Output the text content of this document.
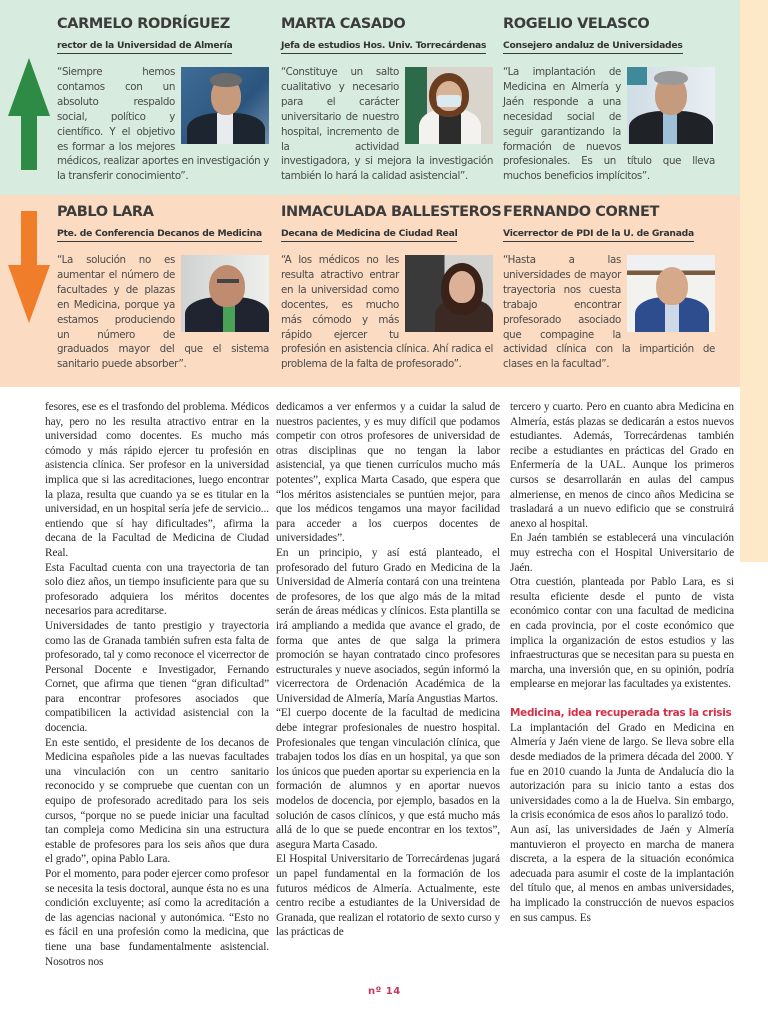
CARMELO RODRÍGUEZ
rector de la Universidad de Almería
“Siempre hemos contamos con un absoluto respaldo social, político y científico. Y el objetivo es formar a los mejores médicos, realizar aportes en investigación y la transferir conocimiento”.
MARTA CASADO
Jefa de estudios Hos. Univ. Torrecárdenas
“Constituye un salto cualitativo y necesario para el carácter universitario de nuestro hospital, incremento de la actividad investigadora, y si mejora la investigación también lo hará la calidad asistencial”.
ROGELIO VELASCO
Consejero andaluz de Universidades
“La implantación de Medicina en Almería y Jaén responde a una necesidad social de seguir garantizando la formación de nuevos profesionales. Es un título que lleva muchos beneficios implícitos”.
PABLO LARA
Pte. de Conferencia Decanos de Medicina
“La solución no es aumentar el número de facultades y de plazas en Medicina, porque ya estamos produciendo un número de graduados mayor del que el sistema sanitario puede absorber”.
INMACULADA BALLESTEROS
Decana de Medicina de Ciudad Real
“A los médicos no les resulta atractivo entrar en la universidad como docentes, es mucho más cómodo y más rápido ejercer tu profesión en asistencia clínica. Ahí radica el problema de la falta de profesorado”.
FERNANDO CORNET
Vicerrector de PDI de la U. de Granada
“Hasta a las universidades de mayor trayectoria nos cuesta trabajo encontrar profesorado asociado que compagine la actividad clínica con la impartición de clases en la facultad”.

fesores, ese es el trasfondo del problema. Médicos hay, pero no les resulta atractivo entrar en la universidad como docentes. Es mucho más cómodo y más rápido ejercer tu profesión en asistencia clínica. Ser profesor en la universidad implica que si las acreditaciones, luego encontrar la plaza, resulta que cuando ya se es titular en la universidad, en un hospital sería jefe de servicio... entiendo que sí hay dificultades”, afirma la decana de la Facultad de Medicina de Ciudad Real.

Esta Facultad cuenta con una trayectoria de tan solo diez años, un tiempo insuficiente para que su profesorado adquiera los méritos docentes necesarios para acreditarse.

Universidades de tanto prestigio y trayectoria como las de Granada también sufren esta falta de profesorado, tal y como reconoce el vicerrector de Personal Docente e Investigador, Fernando Cornet, que afirma que tienen “gran dificultad” para encontrar profesores asociados que compatibilicen la actividad asistencial con la docencia.

En este sentido, el presidente de los decanos de Medicina españoles pide a las nuevas facultades una vinculación con un centro sanitario reconocido y se compruebe que cuentan con un equipo de profesorado acreditado para los seis cursos, “porque no se puede iniciar una facultad tan compleja como Medicina sin una estructura estable de profesores para los seis años que dura el grado”, opina Pablo Lara.

Por el momento, para poder ejercer como profesor se necesita la tesis doctoral, aunque ésta no es una condición excluyente; así como la acreditación a de las agencias nacional y autonómica. “Esto no es fácil en una profesión como la medicina, que tiene una base fundamentalmente asistencial. Nosotros nos

dedicamos a ver enfermos y a cuidar la salud de nuestros pacientes, y es muy difícil que podamos competir con otros profesores de universidad de otras disciplinas que no tengan la labor asistencial, ya que tienen currículos mucho más potentes”, explica Marta Casado, que espera que “los méritos asistenciales se puntúen mejor, para que los médicos tengamos una mayor facilidad para acceder a los cuerpos docentes de universidades”.

En un principio, y así está planteado, el profesorado del futuro Grado en Medicina de la Universidad de Almería contará con una treintena de profesores, de los que algo más de la mitad serán de áreas médicas y clínicos. Esta plantilla se irá ampliando a medida que avance el grado, de forma que antes de que salga la primera promoción se hayan contratado cinco profesores estructurales y nueve asociados, según informó la vicerrectora de Ordenación Académica de la Universidad de Almería, María Angustias Martos.

“El cuerpo docente de la facultad de medicina debe integrar profesionales de nuestro hospital. Profesionales que tengan vinculación clínica, que trabajen todos los días en un hospital, ya que son los únicos que pueden aportar su experiencia en la formación de alumnos y en aportar nuevos modelos de docencia, por ejemplo, basados en la solución de casos clínicos, y que está mucho más allá de lo que se puede encontrar en los textos”, asegura Marta Casado.

El Hospital Universitario de Torrecárdenas jugará un papel fundamental en la formación de los futuros médicos de Almería. Actualmente, este centro recibe a estudiantes de la Universidad de Granada, que realizan el rotatorio de sexto curso y las prácticas de

tercero y cuarto. Pero en cuanto abra Medicina en Almería, estás plazas se dedicarán a estos nuevos estudiantes. Además, Torrecárdenas también recibe a estudiantes en prácticas del Grado en Enfermería de la UAL. Aunque los primeros cursos se desarrollarán en aulas del campus almeriense, en menos de cinco años Medicina se trasladará a un nuevo edificio que se construirá anexo al hospital.

En Jaén también se establecerá una vinculación muy estrecha con el Hospital Universitario de Jaén.

Otra cuestión, planteada por Pablo Lara, es si resulta eficiente desde el punto de vista económico contar con una facultad de medicina en cada provincia, por el coste económico que implica la organización de estos estudios y las infraestructuras que se necesitan para su puesta en marcha, una inversión que, en su opinión, podría emplearse en mejorar las facultades ya existentes.

Medicina, idea recuperada tras la crisis

La implantación del Grado en Medicina en Almería y Jaén viene de largo. Se lleva sobre ella desde mediados de la primera década del 2000. Y fue en 2010 cuando la Junta de Andalucía dio la autorización para su inicio tanto a estas dos universidades como a la de Huelva. Sin embargo, la crisis económica de esos años lo paralizó todo.

Aun así, las universidades de Jaén y Almería mantuvieron el proyecto en marcha de manera discreta, a la espera de la situación económica adecuada para asumir el coste de la implantación del título que, al menos en ambas universidades, ha implicado la construcción de nuevos espacios en sus campus. Es

nº 14
